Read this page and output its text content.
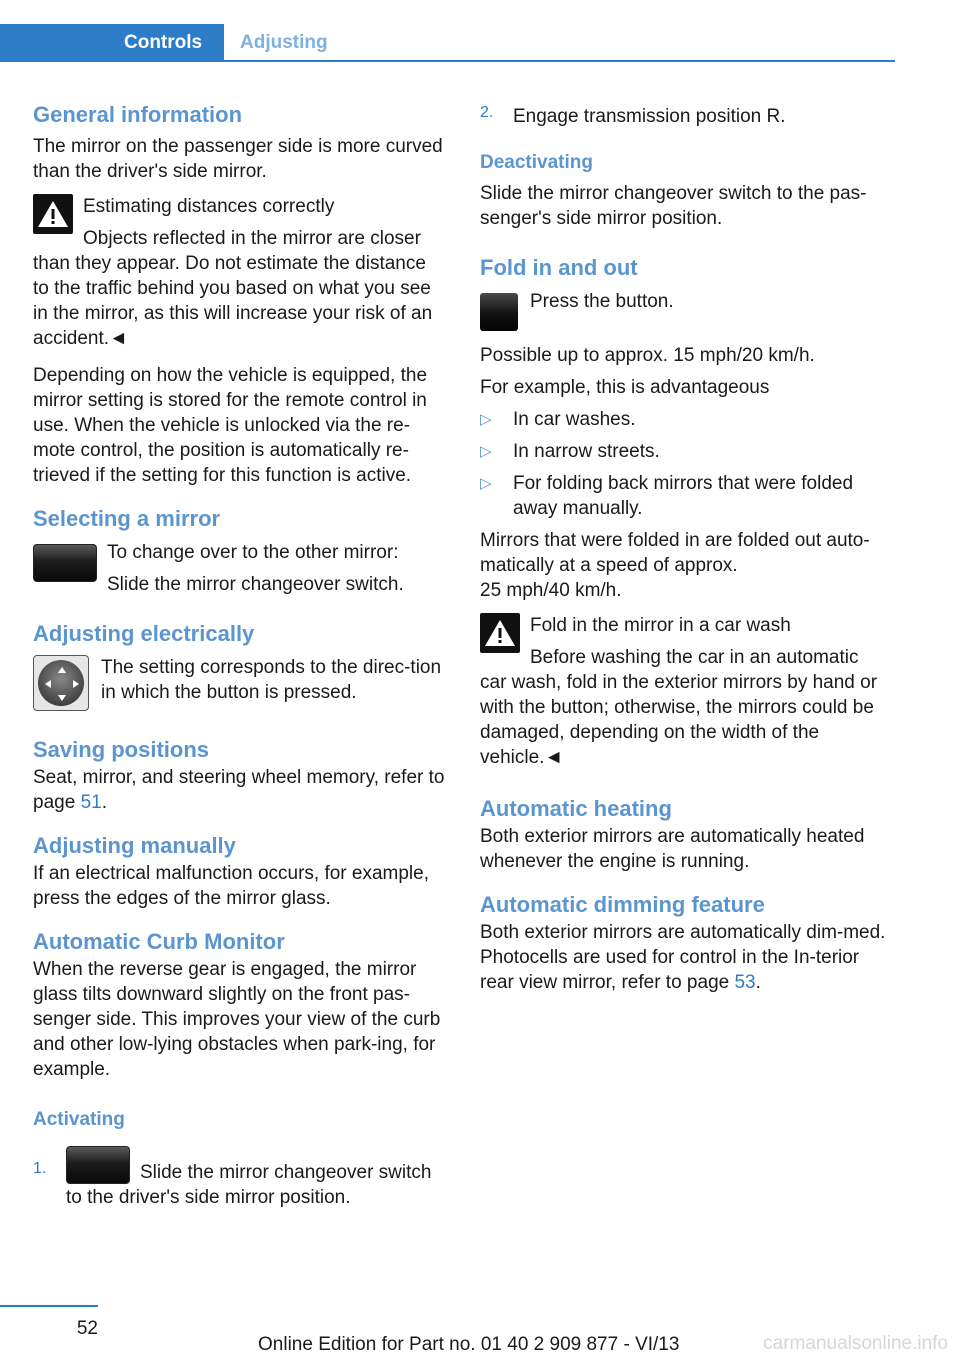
Controls	Adjusting
General information

The mirror on the passenger side is more curved than the driver's side mirror.

Estimating distances correctly

Objects reflected in the mirror are closer

than they appear. Do not estimate the distance to the traffic behind you based on what you see in the mirror, as this will increase your risk of an accident.◄

Depending on how the vehicle is equipped, the mirror setting is stored for the remote control in use. When the vehicle is unlocked via the re‐mote control, the position is automatically re‐trieved if the setting for this function is active.

Selecting a mirror

To change over to the other mirror:

Slide the mirror changeover switch.

Adjusting electrically

The setting corresponds to the direc‐tion in which the button is pressed.

Saving positions

Seat, mirror, and steering wheel memory, refer to page 51.

Adjusting manually

If an electrical malfunction occurs, for example, press the edges of the mirror glass.

Automatic Curb Monitor

When the reverse gear is engaged, the mirror glass tilts downward slightly on the front pas‐senger side. This improves your view of the curb and other low-lying obstacles when park‐ing, for example.

Activating
1.	Slide the mirror changeover switch

to the driver's side mirror position.

2.	Engage transmission position R.

Deactivating

Slide the mirror changeover switch to the pas‐senger's side mirror position.

Fold in and out

Press the button.

Possible up to approx. 15 mph/20 km/h.

For example, this is advantageous

▷	In car washes.
▷	In narrow streets.
▷	For folding back mirrors that were folded away manually.

Mirrors that were folded in are folded out auto‐matically at a speed of approx.

25 mph/40 km/h.

Fold in the mirror in a car wash

Before washing the car in an automatic

car wash, fold in the exterior mirrors by hand or with the button; otherwise, the mirrors could be damaged, depending on the width of the vehicle.◄

Automatic heating

Both exterior mirrors are automatically heated whenever the engine is running.

Automatic dimming feature

Both exterior mirrors are automatically dim‐med. Photocells are used for control in the In‐terior rear view mirror, refer to page 53.

52
Online Edition for Part no. 01 40 2 909 877 - VI/13	carmanualsonline.info
